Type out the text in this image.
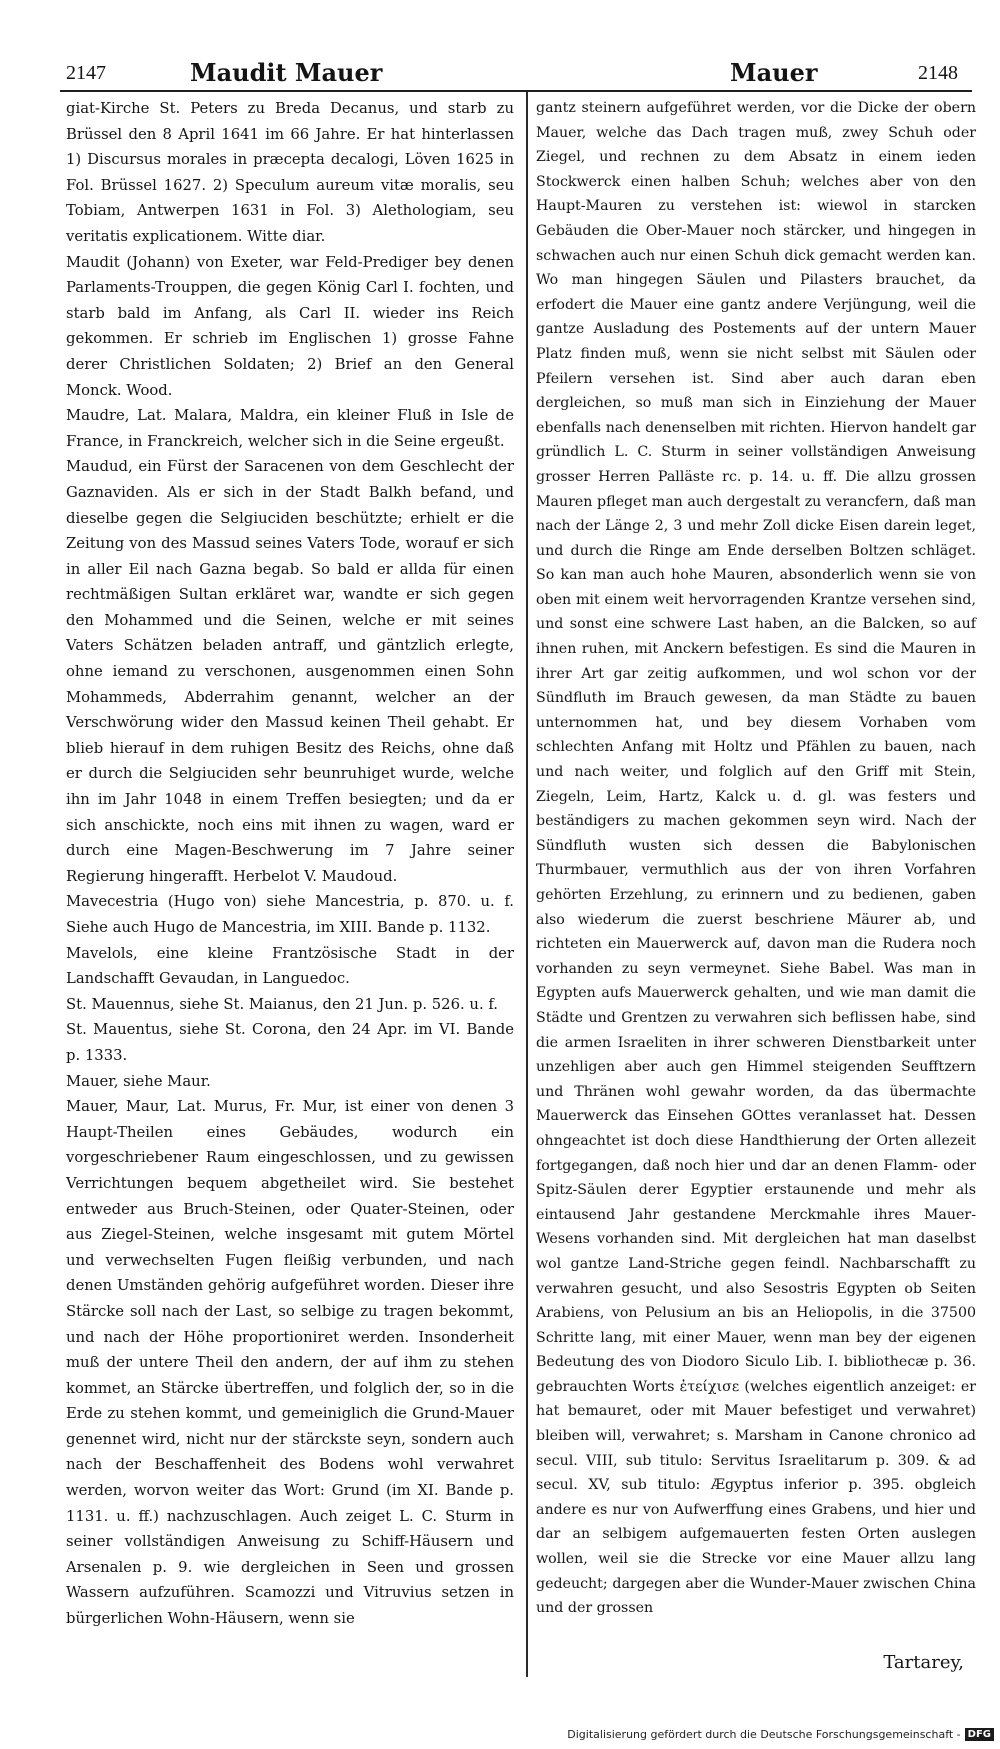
2147	Maudit Mauer	Mauer	2148

giat-Kirche St. Peters zu Breda Decanus, und starb zu Brüssel den 8 April 1641 im 66 Jahre. Er hat hinterlassen 1) Discursus morales in præcepta decalogi, Löven 1625 in Fol. Brüssel 1627. 2) Speculum aureum vitæ moralis, seu Tobiam, Antwerpen 1631 in Fol. 3) Alethologiam, seu veritatis explicationem. Witte diar.

Maudit (Johann) von Exeter, war Feld-Prediger bey denen Parlaments-Trouppen, die gegen König Carl I. fochten, und starb bald im Anfang, als Carl II. wieder ins Reich gekommen. Er schrieb im Englischen 1) grosse Fahne derer Christlichen Soldaten; 2) Brief an den General Monck. Wood.

Maudre, Lat. Malara, Maldra, ein kleiner Fluß in Isle de France, in Franckreich, welcher sich in die Seine ergeußt.

Maudud, ein Fürst der Saracenen von dem Geschlecht der Gaznaviden. Als er sich in der Stadt Balkh befand, und dieselbe gegen die Selgiuciden beschützte; erhielt er die Zeitung von des Massud seines Vaters Tode, worauf er sich in aller Eil nach Gazna begab. So bald er allda für einen rechtmäßigen Sultan erkläret war, wandte er sich gegen den Mohammed und die Seinen, welche er mit seines Vaters Schätzen beladen antraff, und gäntzlich erlegte, ohne iemand zu verschonen, ausgenommen einen Sohn Mohammeds, Abderrahim genannt, welcher an der Verschwörung wider den Massud keinen Theil gehabt. Er blieb hierauf in dem ruhigen Besitz des Reichs, ohne daß er durch die Selgiuciden sehr beunruhiget wurde, welche ihn im Jahr 1048 in einem Treffen besiegten; und da er sich anschickte, noch eins mit ihnen zu wagen, ward er durch eine Magen-Beschwerung im 7 Jahre seiner Regierung hingerafft. Herbelot V. Maudoud.

Mavecestria (Hugo von) siehe Mancestria, p. 870. u. f. Siehe auch Hugo de Mancestria, im XIII. Bande p. 1132.

Mavelols, eine kleine Frantzösische Stadt in der Landschafft Gevaudan, in Languedoc.

St. Mauennus, siehe St. Maianus, den 21 Jun. p. 526. u. f.

St. Mauentus, siehe St. Corona, den 24 Apr. im VI. Bande p. 1333.

Mauer, siehe Maur.

Mauer, Maur, Lat. Murus, Fr. Mur, ist einer von denen 3 Haupt-Theilen eines Gebäudes, wodurch ein vorgeschriebener Raum eingeschlossen, und zu gewissen Verrichtungen bequem abgetheilet wird. Sie bestehet entweder aus Bruch-Steinen, oder Quater-Steinen, oder aus Ziegel-Steinen, welche insgesamt mit gutem Mörtel und verwechselten Fugen fleißig verbunden, und nach denen Umständen gehörig aufgeführet worden. Dieser ihre Stärcke soll nach der Last, so selbige zu tragen bekommt, und nach der Höhe proportioniret werden. Insonderheit muß der untere Theil den andern, der auf ihm zu stehen kommet, an Stärcke übertreffen, und folglich der, so in die Erde zu stehen kommt, und gemeiniglich die Grund-Mauer genennet wird, nicht nur der stärckste seyn, sondern auch nach der Beschaffenheit des Bodens wohl verwahret werden, worvon weiter das Wort: Grund (im XI. Bande p. 1131. u. ff.) nachzuschlagen. Auch zeiget L. C. Sturm in seiner vollständigen Anweisung zu Schiff-Häusern und Arsenalen p. 9. wie dergleichen in Seen und grossen Wassern aufzuführen. Scamozzi und Vitruvius setzen in bürgerlichen Wohn-Häusern, wenn sie

gantz steinern aufgeführet werden, vor die Dicke der obern Mauer, welche das Dach tragen muß, zwey Schuh oder Ziegel, und rechnen zu dem Absatz in einem ieden Stockwerck einen halben Schuh; welches aber von den Haupt-Mauren zu verstehen ist: wiewol in starcken Gebäuden die Ober-Mauer noch stärcker, und hingegen in schwachen auch nur einen Schuh dick gemacht werden kan. Wo man hingegen Säulen und Pilasters brauchet, da erfodert die Mauer eine gantz andere Verjüngung, weil die gantze Ausladung des Postements auf der untern Mauer Platz finden muß, wenn sie nicht selbst mit Säulen oder Pfeilern versehen ist. Sind aber auch daran eben dergleichen, so muß man sich in Einziehung der Mauer ebenfalls nach denenselben mit richten. Hiervon handelt gar gründlich L. C. Sturm in seiner vollständigen Anweisung grosser Herren Palläste rc. p. 14. u. ff. Die allzu grossen Mauren pfleget man auch dergestalt zu verancfern, daß man nach der Länge 2, 3 und mehr Zoll dicke Eisen darein leget, und durch die Ringe am Ende derselben Boltzen schläget. So kan man auch hohe Mauren, absonderlich wenn sie von oben mit einem weit hervorragenden Krantze versehen sind, und sonst eine schwere Last haben, an die Balcken, so auf ihnen ruhen, mit Anckern befestigen. Es sind die Mauren in ihrer Art gar zeitig aufkommen, und wol schon vor der Sündfluth im Brauch gewesen, da man Städte zu bauen unternommen hat, und bey diesem Vorhaben vom schlechten Anfang mit Holtz und Pfählen zu bauen, nach und nach weiter, und folglich auf den Griff mit Stein, Ziegeln, Leim, Hartz, Kalck u. d. gl. was festers und beständigers zu machen gekommen seyn wird. Nach der Sündfluth wusten sich dessen die Babylonischen Thurmbauer, vermuthlich aus der von ihren Vorfahren gehörten Erzehlung, zu erinnern und zu bedienen, gaben also wiederum die zuerst beschriene Mäurer ab, und richteten ein Mauerwerck auf, davon man die Rudera noch vorhanden zu seyn vermeynet. Siehe Babel. Was man in Egypten aufs Mauerwerck gehalten, und wie man damit die Städte und Grentzen zu verwahren sich beflissen habe, sind die armen Israeliten in ihrer schweren Dienstbarkeit unter unzehligen aber auch gen Himmel steigenden Seufftzern und Thränen wohl gewahr worden, da das übermachte Mauerwerck das Einsehen GOttes veranlasset hat. Dessen ohngeachtet ist doch diese Handthierung der Orten allezeit fortgegangen, daß noch hier und dar an denen Flamm- oder Spitz-Säulen derer Egyptier erstaunende und mehr als eintausend Jahr gestandene Merckmahle ihres Mauer-Wesens vorhanden sind. Mit dergleichen hat man daselbst wol gantze Land-Striche gegen feindl. Nachbarschafft zu verwahren gesucht, und also Sesostris Egypten ob Seiten Arabiens, von Pelusium an bis an Heliopolis, in die 37500 Schritte lang, mit einer Mauer, wenn man bey der eigenen Bedeutung des von Diodoro Siculo Lib. I. bibliothecæ p. 36. gebrauchten Worts ἐτείχισε (welches eigentlich anzeiget: er hat bemauret, oder mit Mauer befestiget und verwahret) bleiben will, verwahret; s. Marsham in Canone chronico ad secul. VIII, sub titulo: Servitus Israelitarum p. 309. & ad secul. XV, sub titulo: Ægyptus inferior p. 395. obgleich andere es nur von Aufwerffung eines Grabens, und hier und dar an selbigem aufgemauerten festen Orten auslegen wollen, weil sie die Strecke vor eine Mauer allzu lang gedeucht; dargegen aber die Wunder-Mauer zwischen China und der grossen

Tartarey,
Digitalisierung gefördert durch die Deutsche Forschungsgemeinschaft - DFG
